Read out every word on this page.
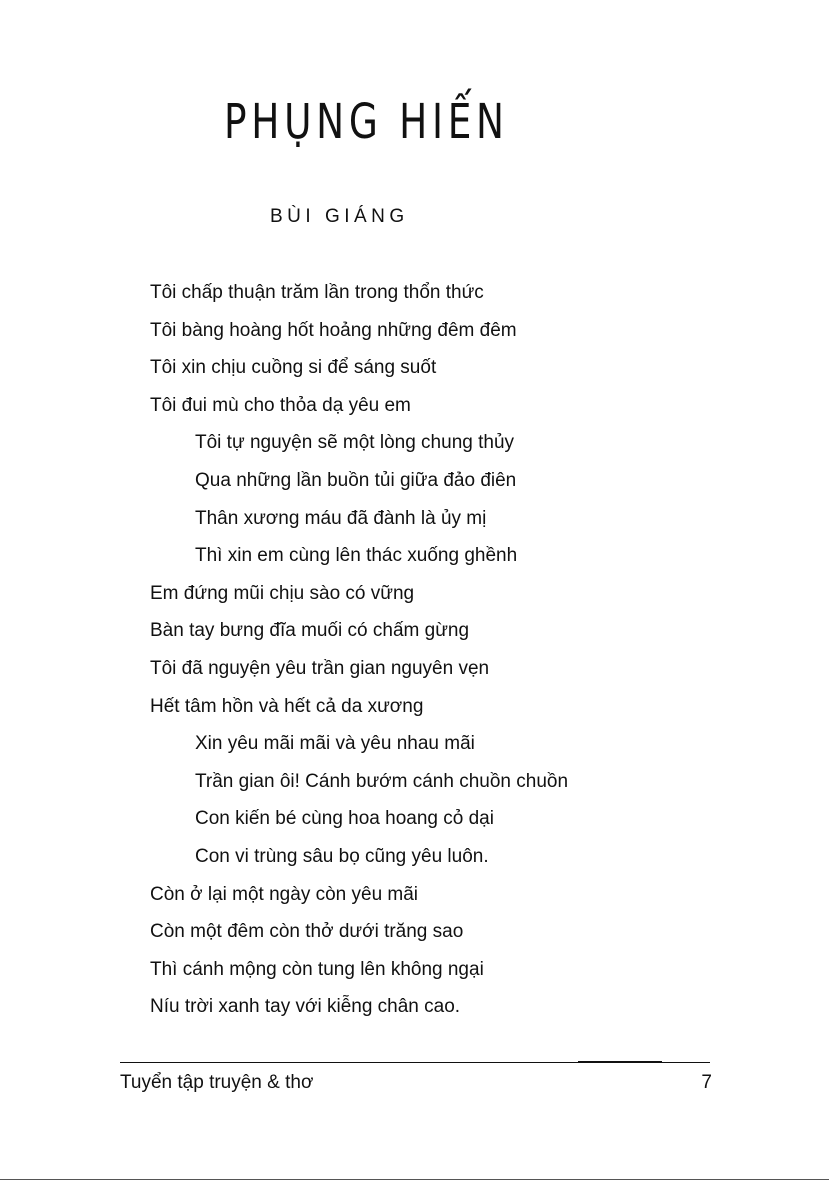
PHỤNG HIẾN
BÙI GIÁNG
Tôi chấp thuận trăm lần trong thổn thức
Tôi bàng hoàng hốt hoảng những đêm đêm
Tôi xin chịu cuồng si để sáng suốt
Tôi đui mù cho thỏa dạ yêu em
Tôi tự nguyện sẽ một lòng chung thủy
Qua những lần buồn tủi giữa đảo điên
Thân xương máu đã đành là ủy mị
Thì xin em cùng lên thác xuống ghềnh
Em đứng mũi chịu sào có vững
Bàn tay bưng đĩa muối có chấm gừng
Tôi đã nguyện yêu trần gian nguyên vẹn
Hết tâm hồn và hết cả da xương
Xin yêu mãi mãi và yêu nhau mãi
Trần gian ôi! Cánh bướm cánh chuồn chuồn
Con kiến bé cùng hoa hoang cỏ dại
Con vi trùng sâu bọ cũng yêu luôn.
Còn ở lại một ngày còn yêu mãi
Còn một đêm còn thở dưới trăng sao
Thì cánh mộng còn tung lên không ngại
Níu trời xanh tay với kiễng chân cao.
Tuyển tập truyện & thơ	7
